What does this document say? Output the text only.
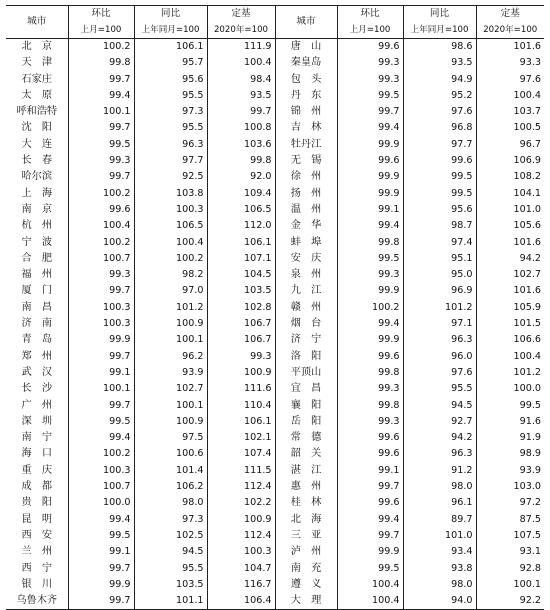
城市	环比	同比	定基	城市	环比	同比	定基
	上月=100	上年同月=100	2020年=100		上月=100	上年同月=100	2020年=100
北　京	100.2	106.1	111.9	唐　山	99.6	98.6	101.6
天　津	99.8	95.7	100.4	秦皇岛	99.3	93.5	93.3
石家庄	99.7	95.6	98.4	包　头	99.3	94.9	97.6
太　原	99.4	95.5	93.5	丹　东	99.5	95.2	100.4
呼和浩特	100.1	97.3	99.7	锦　州	99.7	97.6	103.7
沈　阳	99.7	95.5	100.8	吉　林	99.4	96.8	100.5
大　连	99.5	96.3	103.6	牡丹江	99.9	97.7	96.7
长　春	99.3	97.7	99.8	无　锡	99.6	99.6	106.9
哈尔滨	99.7	92.5	92.0	徐　州	99.9	99.5	108.2
上　海	100.2	103.8	109.4	扬　州	99.9	99.5	104.1
南　京	99.6	100.3	106.5	温　州	99.1	95.6	101.0
杭　州	100.4	106.5	112.0	金　华	99.4	98.7	105.6
宁　波	100.2	100.4	106.1	蚌　埠	99.8	97.4	101.6
合　肥	100.7	100.2	107.1	安　庆	99.5	95.1	94.2
福　州	99.3	98.2	104.5	泉　州	99.3	95.0	102.7
厦　门	99.7	97.0	103.5	九　江	99.9	96.9	101.6
南　昌	100.3	101.2	102.8	赣　州	100.2	101.2	105.9
济　南	100.3	100.9	106.7	烟　台	99.4	97.1	101.5
青　岛	99.9	100.1	106.7	济　宁	99.9	96.3	106.6
郑　州	99.7	96.2	99.3	洛　阳	99.6	96.0	100.4
武　汉	99.1	93.9	100.9	平顶山	99.8	97.6	101.2
长　沙	100.1	102.7	111.6	宜　昌	99.3	95.5	100.0
广　州	99.7	100.1	110.4	襄　阳	99.8	94.5	99.5
深　圳	99.5	100.9	106.1	岳　阳	99.3	92.7	91.6
南　宁	99.4	97.5	102.1	常　德	99.6	94.2	91.9
海　口	100.2	100.6	107.4	韶　关	99.6	96.3	98.9
重　庆	100.3	101.4	111.5	湛　江	99.1	91.2	93.9
成　都	100.7	106.2	112.4	惠　州	99.7	98.0	103.0
贵　阳	100.0	98.0	102.2	桂　林	99.6	96.1	97.2
昆　明	99.4	97.3	100.9	北　海	99.4	89.7	87.5
西　安	99.5	102.5	112.4	三　亚	99.7	101.0	107.5
兰　州	99.1	94.5	100.3	泸　州	99.9	93.4	93.1
西　宁	99.7	95.5	104.7	南　充	99.5	93.8	92.8
银　川	99.9	103.5	116.7	遵　义	100.4	98.0	100.1
乌鲁木齐	99.7	101.1	106.4	大　理	100.4	94.0	92.2
